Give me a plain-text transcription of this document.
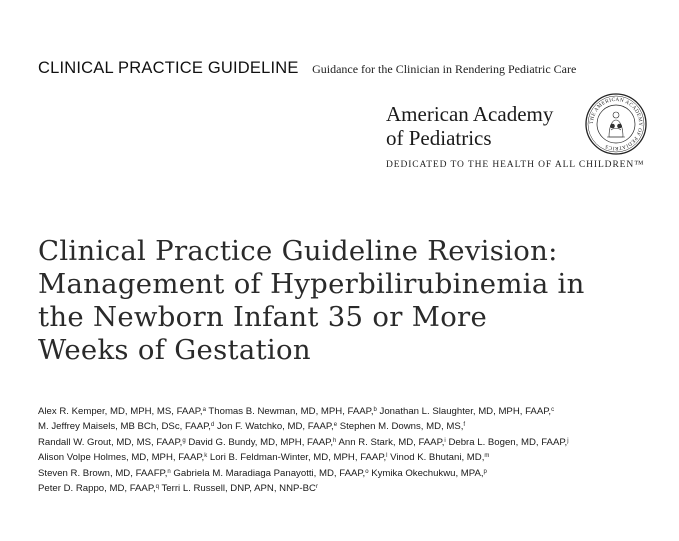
CLINICAL PRACTICE GUIDELINE Guidance for the Clinician in Rendering Pediatric Care
American Academy
of Pediatrics
DEDICATED TO THE HEALTH OF ALL CHILDREN™
THE AMERICAN ACADEMY OF PEDIATRICS
Clinical Practice Guideline Revision:
Management of Hyperbilirubinemia in
the Newborn Infant 35 or More
Weeks of Gestation
Alex R. Kemper, MD, MPH, MS, FAAP,$^a$ Thomas B. Newman, MD, MPH, FAAP,$^b$ Jonathan L. Slaughter, MD, MPH, FAAP,$^c$
M. Jeffrey Maisels, MB BCh, DSc, FAAP,$^d$ Jon F. Watchko, MD, FAAP,$^e$ Stephen M. Downs, MD, MS,$^f$
Randall W. Grout, MD, MS, FAAP,$^g$ David G. Bundy, MD, MPH, FAAP,$^h$ Ann R. Stark, MD, FAAP,$^i$ Debra L. Bogen, MD, FAAP,$^j$
Alison Volpe Holmes, MD, MPH, FAAP,$^k$ Lori B. Feldman-Winter, MD, MPH, FAAP,$^l$ Vinod K. Bhutani, MD,$^m$
Steven R. Brown, MD, FAAFP,$^n$ Gabriela M. Maradiaga Panayotti, MD, FAAP,$^o$ Kymika Okechukwu, MPA,$^p$
Peter D. Rappo, MD, FAAP,$^q$ Terri L. Russell, DNP, APN, NNP-$BC^r$
